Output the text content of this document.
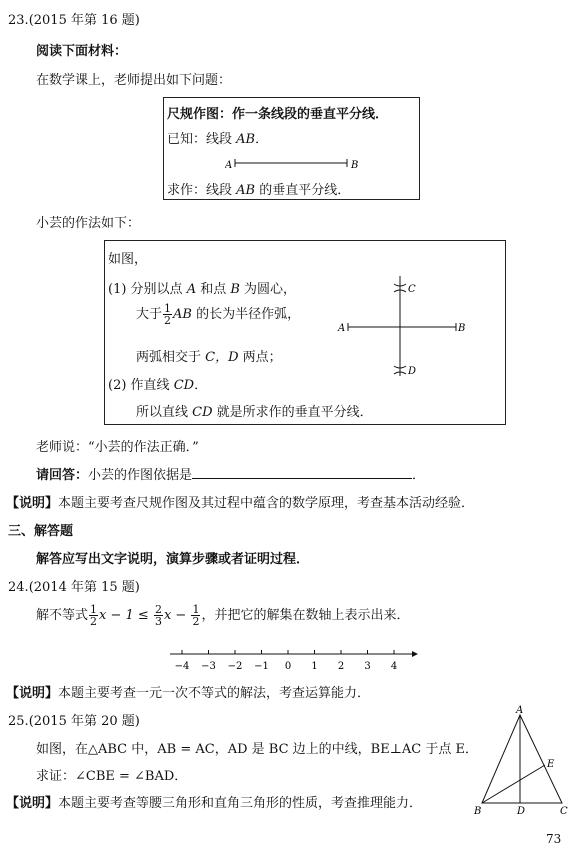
23.(2015 年第 16 题)
阅读下面材料：
在数学课上，老师提出如下问题：
尺规作图：作一条线段的垂直平分线．
已知：线段 AB．
A	B
求作：线段 AB 的垂直平分线．
小芸的作法如下：
如图，
(1) 分别以点 A 和点 B 为圆心，
大于 $\frac{1}{2}$ AB 的长为半径作弧，
两弧相交于 C，D 两点；
(2) 作直线 CD．
所以直线 CD 就是所求作的垂直平分线．
C
D
A	B
老师说：“小芸的作法正确．”
请回答：小芸的作图依据是	．
【说明】本题主要考查尺规作图及其过程中蕴含的数学原理，考查基本活动经验．
三、解答题
解答应写出文字说明，演算步骤或者证明过程．
24.(2014 年第 15 题)
解不等式 $\frac{1}{2}$ $x - 1 \le \frac{2}{3}$ $x - \frac{1}{2}$ ，并把它的解集在数轴上表示出来．
−4 −3 −2 −1 0 1 2 3 4
【说明】本题主要考查一元一次不等式的解法，考查运算能力．
25.(2015 年第 20 题)
如图，在△ABC 中，AB = AC，AD 是 BC 边上的中线，BE⊥AC 于点 E．
求证：∠CBE = ∠BAD．
【说明】本题主要考查等腰三角形和直角三角形的性质，考查推理能力．
A
B	C
D
E
73
